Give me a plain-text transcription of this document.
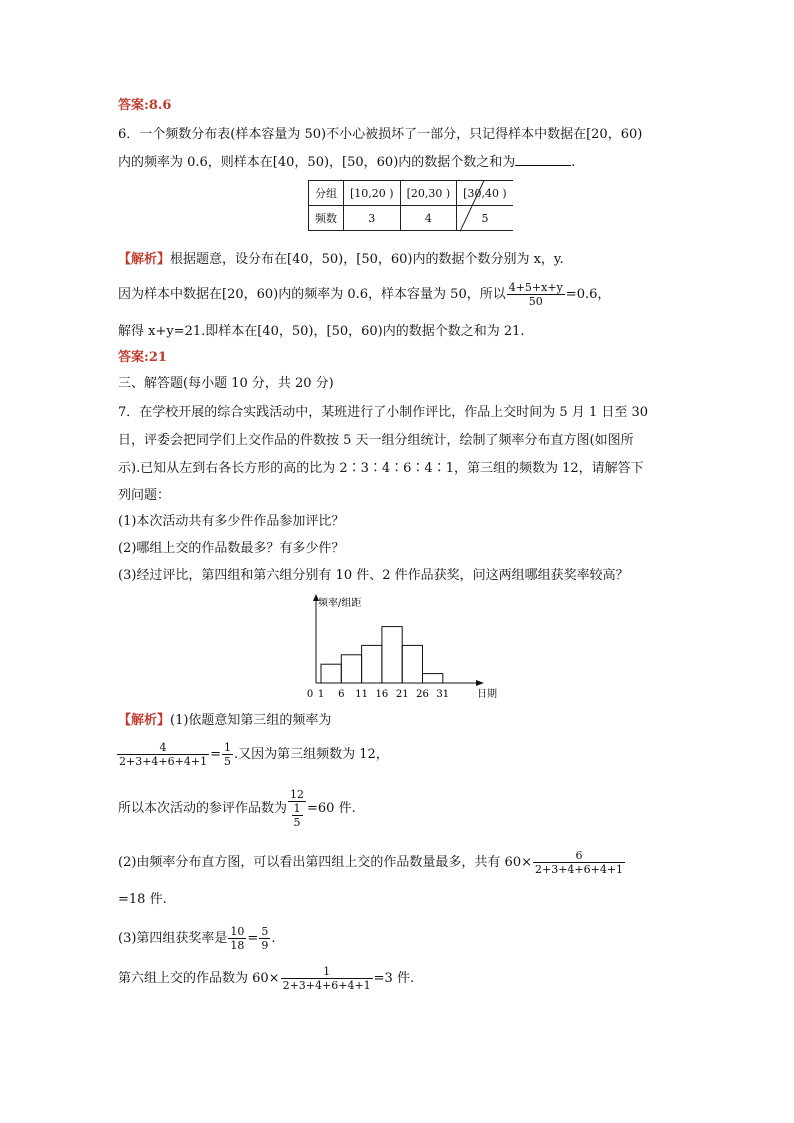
答案:8.6
6．一个频数分布表(样本容量为 50)不小心被损坏了一部分，只记得样本中数据在[20，60)
内的频率为 0.6，则样本在[40，50)，[50，60)内的数据个数之和为	.
分组	[10,20 )	[20,30 )	[30,40 )
频数	3	4	5
【解析】根据题意，设分布在[40，50)，[50，60)内的数据个数分别为 x，y.
因为样本中数据在[20，60)内的频率为 0.6，样本容量为 50，所以 $\frac{4+5+x+y}{50} =0.6$，
解得 x+y=21.即样本在[40，50)，[50，60)内的数据个数之和为 21.
答案:21
三、解答题(每小题 10 分，共 20 分)
7．在学校开展的综合实践活动中，某班进行了小制作评比，作品上交时间为 5 月 1 日至 30
日，评委会把同学们上交作品的件数按 5 天一组分组统计，绘制了频率分布直方图(如图所
示).已知从左到右各长方形的高的比为 2∶3∶4∶6∶4∶1，第三组的频数为 12，请解答下
列问题：
(1)本次活动共有多少件作品参加评比？
(2)哪组上交的作品数最多？有多少件？
(3)经过评比，第四组和第六组分别有 10 件、2 件作品获奖，问这两组哪组获奖率较高？
0 1 6 11 16 21 26 31	日期
频率/组距
【解析】(1)依题意知第三组的频率为
$\frac{4}{2+3+4+6+4+1} = \frac{1}{5}$ .又因为第三组频数为 12，
所以本次活动的参评作品数为 $\frac{12}{\frac{1}{5}} =60$ 件.
(2)由频率分布直方图，可以看出第四组上交的作品数量最多，共有 $60\times \frac{6}{2+3+4+6+4+1}$
=18 件.
(3)第四组获奖率是 $\frac{10}{18} = \frac{5}{9}$ .
第六组上交的作品数为 $60\times \frac{1}{2+3+4+6+4+1} =3$ 件.
